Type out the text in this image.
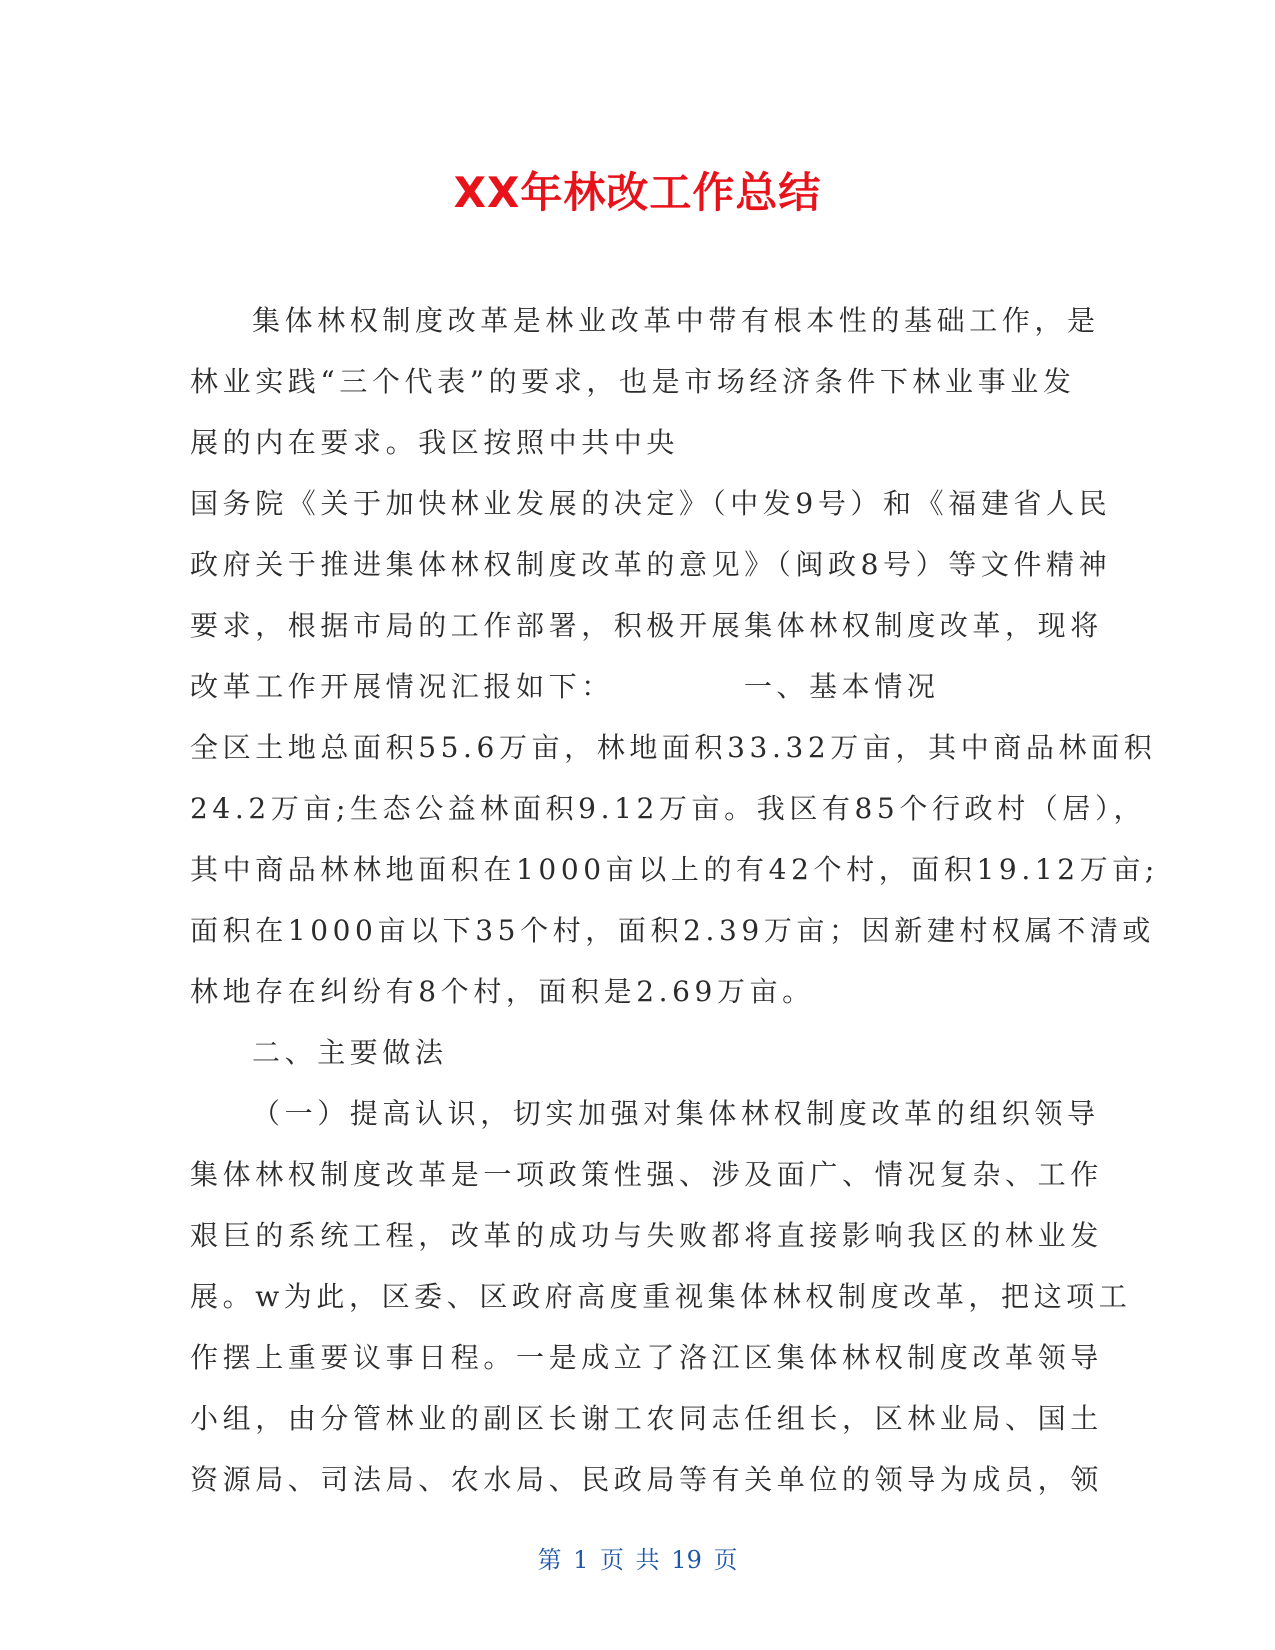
XX年林改工作总结
集体林权制度改革是林业改革中带有根本性的基础工作，是
林业实践“三个代表”的要求，也是市场经济条件下林业事业发
展的内在要求。我区按照中共中央
国务院《关于加快林业发展的决定》（中发9号）和《福建省人民
政府关于推进集体林权制度改革的意见》（闽政8号）等文件精神
要求，根据市局的工作部署，积极开展集体林权制度改革，现将
改革工作开展情况汇报如下：	一、基本情况
全区土地总面积55.6万亩，林地面积33.32万亩，其中商品林面积
24.2万亩;生态公益林面积9.12万亩。我区有85个行政村（居），
其中商品林林地面积在1000亩以上的有42个村，面积19.12万亩;
面积在1000亩以下35个村，面积2.39万亩；因新建村权属不清或
林地存在纠纷有8个村，面积是2.69万亩。
二、主要做法
（一）提高认识，切实加强对集体林权制度改革的组织领导
集体林权制度改革是一项政策性强、涉及面广、情况复杂、工作
艰巨的系统工程，改革的成功与失败都将直接影响我区的林业发
展。w为此，区委、区政府高度重视集体林权制度改革，把这项工
作摆上重要议事日程。一是成立了洛江区集体林权制度改革领导
小组，由分管林业的副区长谢工农同志任组长，区林业局、国土
资源局、司法局、农水局、民政局等有关单位的领导为成员，领
第 1 页 共 19 页
